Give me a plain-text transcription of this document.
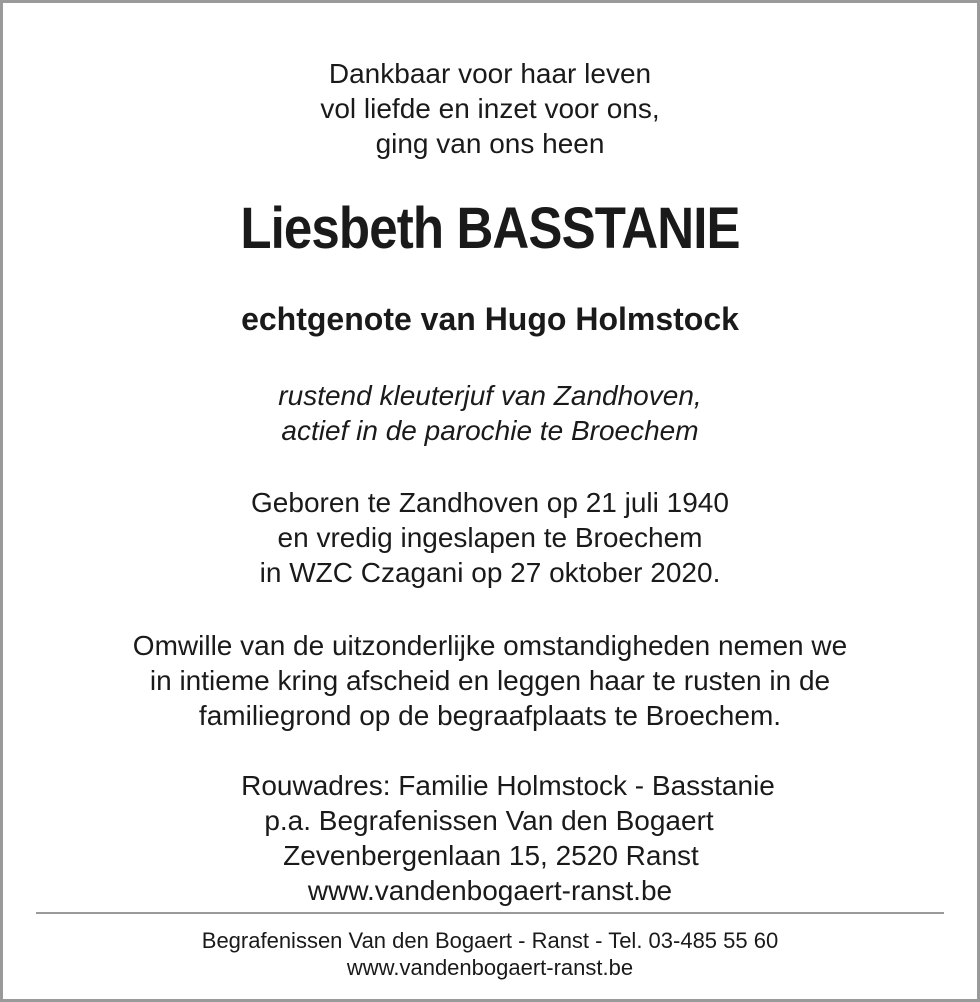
Dankbaar voor haar leven
vol liefde en inzet voor ons,
ging van ons heen
Liesbeth BASSTANIE
echtgenote van Hugo Holmstock
rustend kleuterjuf van Zandhoven,
actief in de parochie te Broechem
Geboren te Zandhoven op 21 juli 1940
en vredig ingeslapen te Broechem
in WZC Czagani op 27 oktober 2020.
Omwille van de uitzonderlijke omstandigheden nemen we
in intieme kring afscheid en leggen haar te rusten in de
familiegrond op de begraafplaats te Broechem.
Rouwadres: Familie Holmstock - Basstanie
p.a. Begrafenissen Van den Bogaert
Zevenbergenlaan 15, 2520 Ranst
www.vandenbogaert-ranst.be
Begrafenissen Van den Bogaert - Ranst - Tel. 03-485 55 60
www.vandenbogaert-ranst.be
